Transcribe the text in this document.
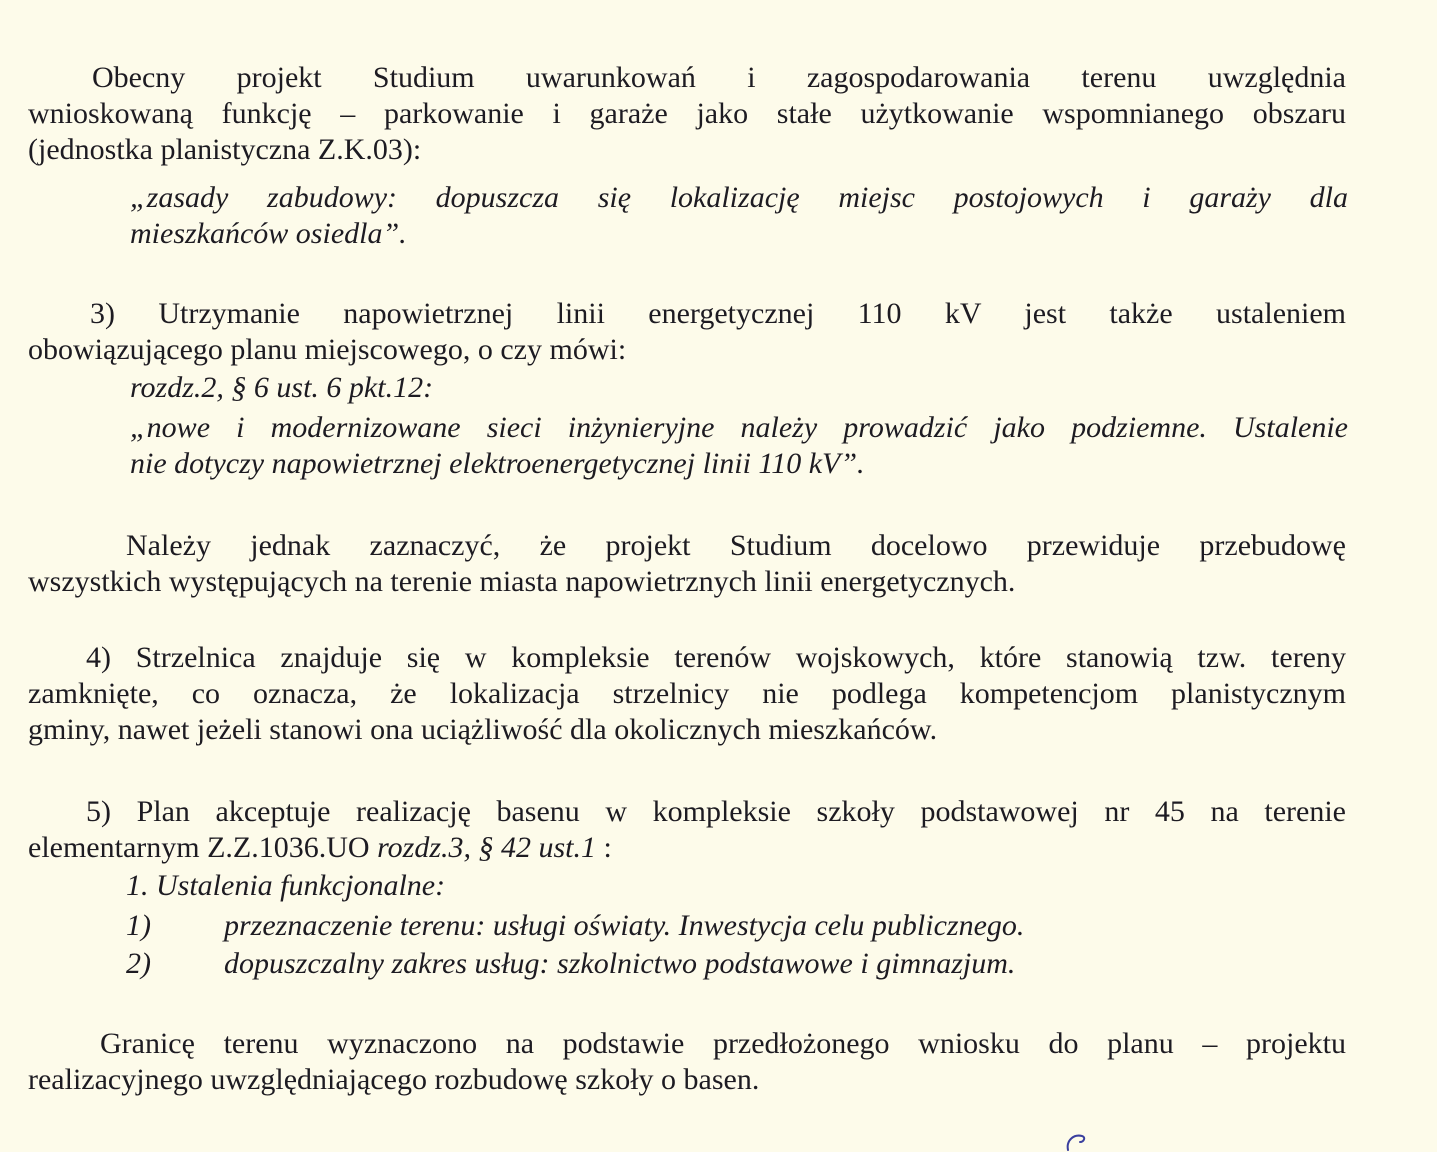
Obecny projekt Studium uwarunkowań i zagospodarowania terenu uwzględnia
wnioskowaną funkcję – parkowanie i garaże jako stałe użytkowanie wspomnianego obszaru
(jednostka planistyczna Z.K.03):
„zasady zabudowy: dopuszcza się lokalizację miejsc postojowych i garaży dla
mieszkańców osiedla”.
3) Utrzymanie napowietrznej linii energetycznej 110 kV jest także ustaleniem
obowiązującego planu miejscowego, o czy mówi:
rozdz.2, § 6 ust. 6 pkt.12:
„nowe i modernizowane sieci inżynieryjne należy prowadzić jako podziemne. Ustalenie
nie dotyczy napowietrznej elektroenergetycznej linii 110 kV”.
Należy jednak zaznaczyć, że projekt Studium docelowo przewiduje przebudowę
wszystkich występujących na terenie miasta napowietrznych linii energetycznych.
4) Strzelnica znajduje się w kompleksie terenów wojskowych, które stanowią tzw. tereny
zamknięte, co oznacza, że lokalizacja strzelnicy nie podlega kompetencjom planistycznym
gminy, nawet jeżeli stanowi ona uciążliwość dla okolicznych mieszkańców.
5) Plan akceptuje realizację basenu w kompleksie szkoły podstawowej nr 45 na terenie
elementarnym Z.Z.1036.UO rozdz.3, § 42 ust.1 :
1. Ustalenia funkcjonalne:
1) przeznaczenie terenu: usługi oświaty. Inwestycja celu publicznego.
2) dopuszczalny zakres usług: szkolnictwo podstawowe i gimnazjum.
Granicę terenu wyznaczono na podstawie przedłożonego wniosku do planu – projektu
realizacyjnego uwzględniającego rozbudowę szkoły o basen.
